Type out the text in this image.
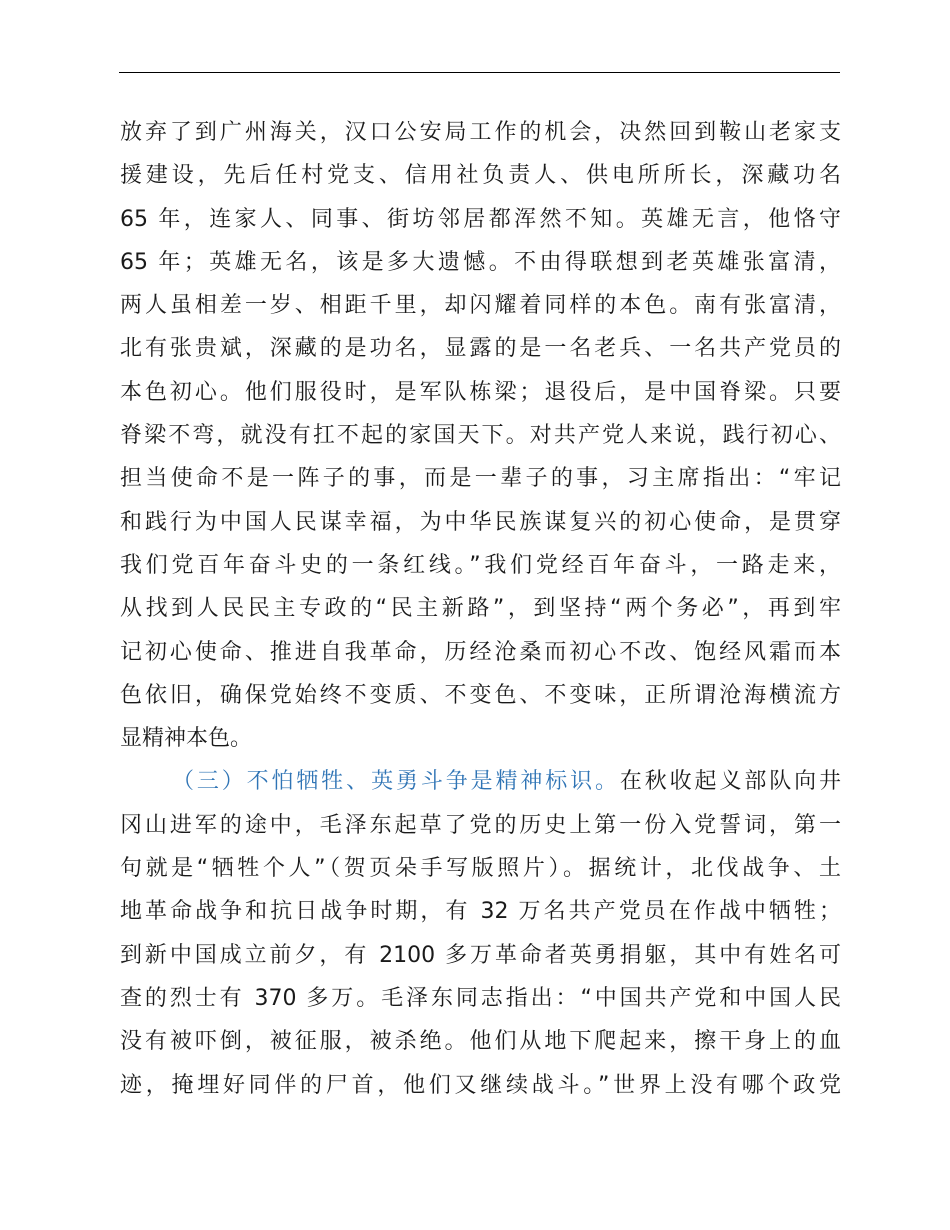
放弃了到广州海关，汉口公安局工作的机会，决然回到鞍山老家支
援建设，先后任村党支、信用社负责人、供电所所长，深藏功名
65 年，连家人、同事、街坊邻居都浑然不知。英雄无言，他恪守
65 年；英雄无名，该是多大遗憾。不由得联想到老英雄张富清，
两人虽相差一岁、相距千里，却闪耀着同样的本色。南有张富清，
北有张贵斌，深藏的是功名，显露的是一名老兵、一名共产党员的
本色初心。他们服役时，是军队栋梁；退役后，是中国脊梁。只要
脊梁不弯，就没有扛不起的家国天下。对共产党人来说，践行初心、
担当使命不是一阵子的事，而是一辈子的事，习主席指出：“牢记
和践行为中国人民谋幸福，为中华民族谋复兴的初心使命，是贯穿
我们党百年奋斗史的一条红线。”我们党经百年奋斗，一路走来，
从找到人民民主专政的“民主新路”，到坚持“两个务必”，再到牢
记初心使命、推进自我革命，历经沧桑而初心不改、饱经风霜而本
色依旧，确保党始终不变质、不变色、不变味，正所谓沧海横流方
显精神本色。
（三）不怕牺牲、英勇斗争是精神标识。在秋收起义部队向井
冈山进军的途中，毛泽东起草了党的历史上第一份入党誓词，第一
句就是“牺牲个人”（贺页朵手写版照片）。据统计，北伐战争、土
地革命战争和抗日战争时期，有 32 万名共产党员在作战中牺牲；
到新中国成立前夕，有 2100 多万革命者英勇捐躯，其中有姓名可
查的烈士有 370 多万。毛泽东同志指出：“中国共产党和中国人民
没有被吓倒，被征服，被杀绝。他们从地下爬起来，擦干身上的血
迹，掩埋好同伴的尸首，他们又继续战斗。”世界上没有哪个政党
